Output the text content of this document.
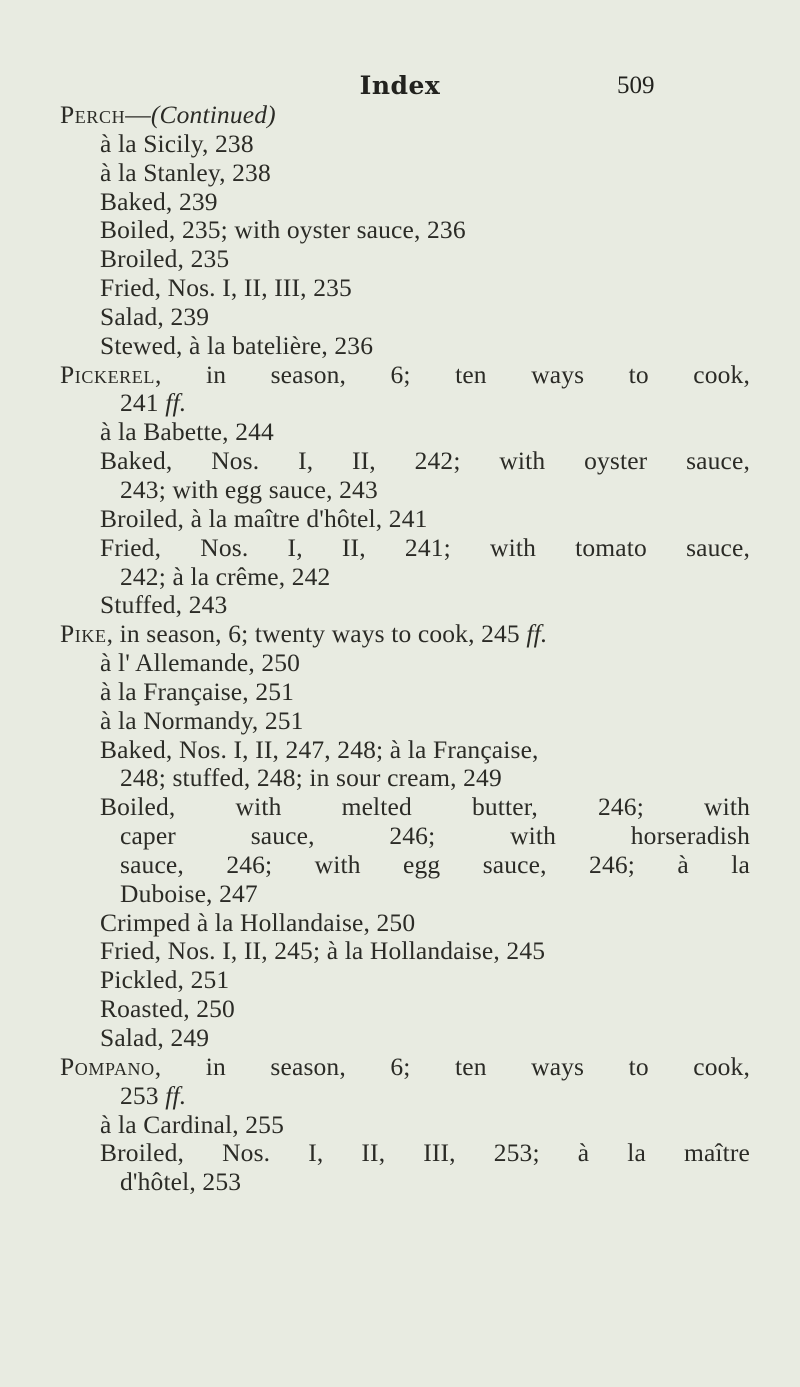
Index	509
Perch—(Continued)
à la Sicily, 238
à la Stanley, 238
Baked, 239
Boiled, 235; with oyster sauce, 236
Broiled, 235
Fried, Nos. I, II, III, 235
Salad, 239
Stewed, à la batelière, 236
Pickerel, in season, 6; ten ways to cook,
241 ff.
à la Babette, 244
Baked, Nos. I, II, 242; with oyster sauce,
243; with egg sauce, 243
Broiled, à la maître d'hôtel, 241
Fried, Nos. I, II, 241; with tomato sauce,
242; à la crême, 242
Stuffed, 243
Pike, in season, 6; twenty ways to cook, 245 ff.
à l' Allemande, 250
à la Française, 251
à la Normandy, 251
Baked, Nos. I, II, 247, 248; à la Française,
248; stuffed, 248; in sour cream, 249
Boiled, with melted butter, 246; with
caper sauce, 246; with horseradish
sauce, 246; with egg sauce, 246; à la
Duboise, 247
Crimped à la Hollandaise, 250
Fried, Nos. I, II, 245; à la Hollandaise, 245
Pickled, 251
Roasted, 250
Salad, 249
Pompano, in season, 6; ten ways to cook,
253 ff.
à la Cardinal, 255
Broiled, Nos. I, II, III, 253; à la maître
d'hôtel, 253
